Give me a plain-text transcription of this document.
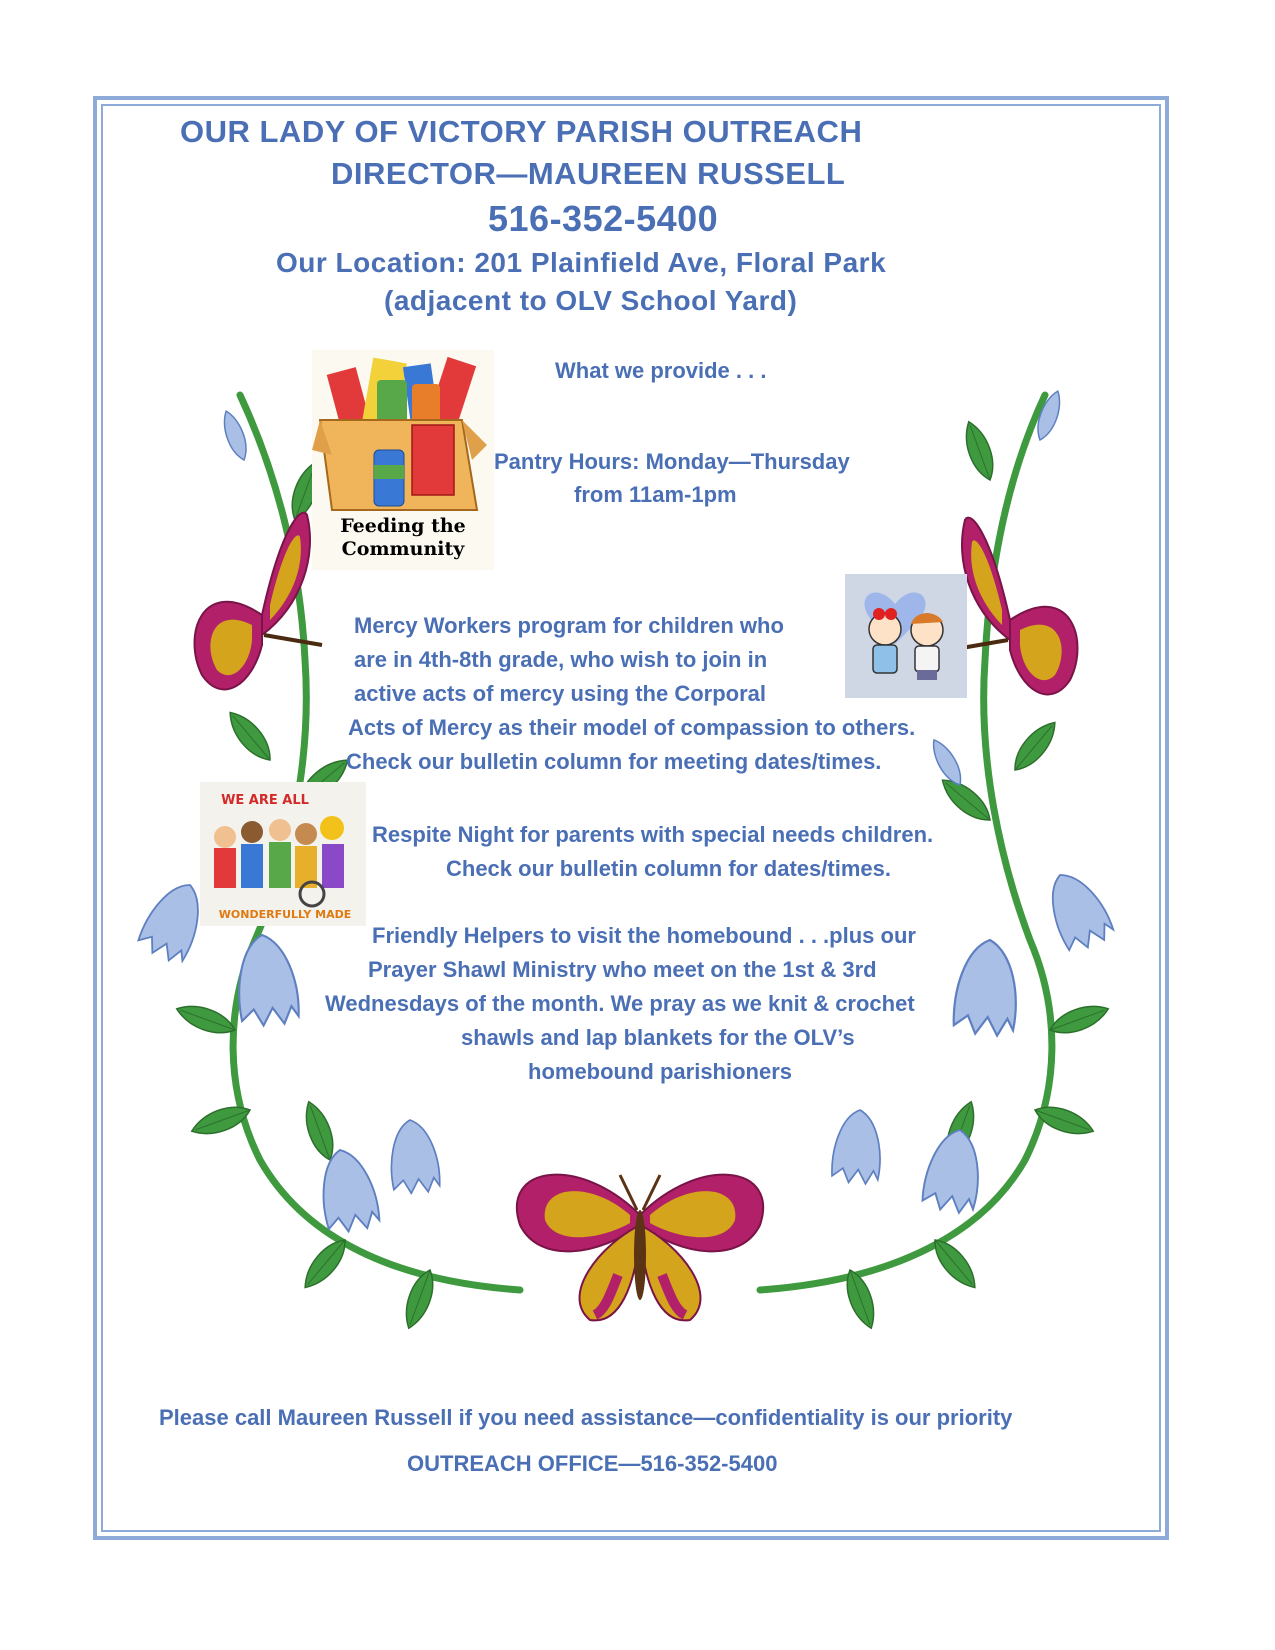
OUR LADY OF VICTORY PARISH OUTREACH
DIRECTOR—MAUREEN RUSSELL
516-352-5400
Our Location: 201 Plainfield Ave, Floral Park
(adjacent to OLV School Yard)
What we provide . . .
Feeding the
Community
Pantry Hours: Monday—Thursday
from 11am-1pm
Mercy Workers program for children who
are in 4th-8th grade, who wish to join in
active acts of mercy using the Corporal
Acts of Mercy as their model of compassion to others.
Check our bulletin column for meeting dates/times.
WE ARE ALL
WONDERFULLY MADE
Respite Night for parents with special needs children.
Check our bulletin column for dates/times.
Friendly Helpers to visit the homebound . . .plus our
Prayer Shawl Ministry who meet on the 1st & 3rd
Wednesdays of the month. We pray as we knit & crochet
shawls and lap blankets for the OLV’s
homebound parishioners
Please call Maureen Russell if you need assistance—confidentiality is our priority
OUTREACH OFFICE—516-352-5400
